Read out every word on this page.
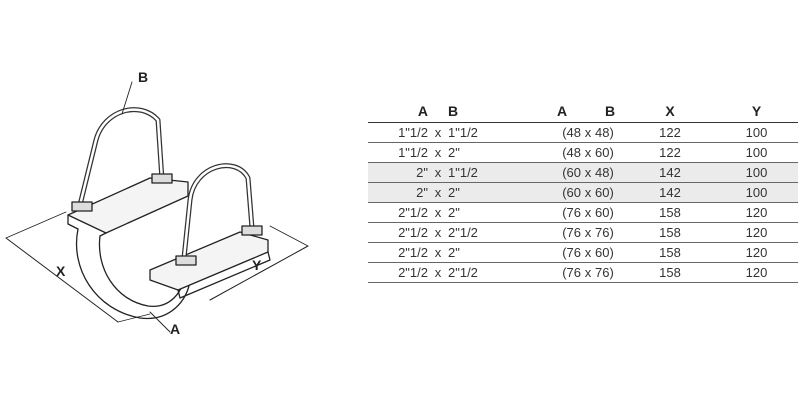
B
X	Y
A
A		B		A		B	X	Y
1"1/2	x	1"1/2		(48	x	48)	122	100
1"1/2	x	2"		(48	x	60)	122	100
2"	x	1"1/2		(60	x	48)	142	100
2"	x	2"		(60	x	60)	142	100
2"1/2	x	2"		(76	x	60)	158	120
2"1/2	x	2"1/2		(76	x	76)	158	120
2"1/2	x	2"		(76	x	60)	158	120
2"1/2	x	2"1/2		(76	x	76)	158	120
